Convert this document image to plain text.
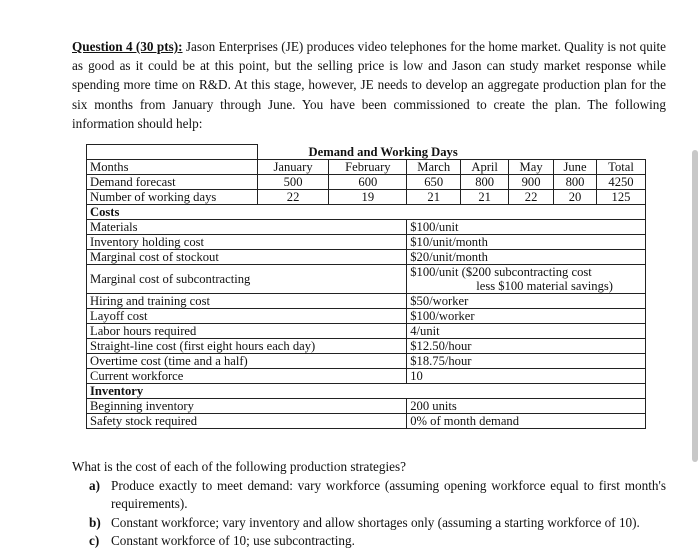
Question 4 (30 pts): Jason Enterprises (JE) produces video telephones for the home market. Quality is not quite as good as it could be at this point, but the selling price is low and Jason can study market response while spending more time on R&D. At this stage, however, JE needs to develop an aggregate production plan for the six months from January through June. You have been commissioned to create the plan. The following information should help:
	Demand and Working Days						
Months	January	February	March	April	May	June	Total
Demand forecast	500	600	650	800	900	800	4250
Number of working days	22	19	21	21	22	20	125
Costs							
Materials			$100/unit				
Inventory holding cost			$10/unit/month				
Marginal cost of stockout			$20/unit/month				
Marginal cost of subcontracting			$100/unit ($200 subcontracting cost
less $100 material savings)				

Hiring and training cost			$50/worker				
Layoff cost			$100/worker				
Labor hours required			4/unit				
Straight-line cost (first eight hours each day)			$12.50/hour				
Overtime cost (time and a half)			$18.75/hour				
Current workforce			10				
Inventory							
Beginning inventory			200 units				
Safety stock required			0% of month demand				
What is the cost of each of the following production strategies?
a) Produce exactly to meet demand: vary workforce (assuming opening workforce equal to first month's requirements).
b) Constant workforce; vary inventory and allow shortages only (assuming a starting workforce of 10).
c) Constant workforce of 10; use subcontracting.
